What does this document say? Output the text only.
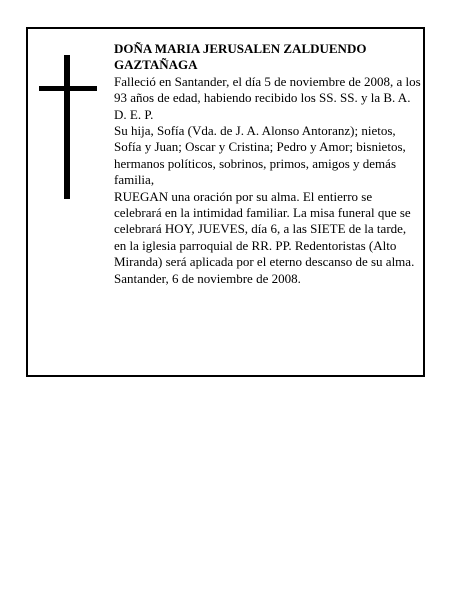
DOÑA MARIA JERUSALEN ZALDUENDO GAZTAÑAGA

Falleció en Santander, el día 5 de noviembre de 2008, a los 93 años de edad, habiendo recibido los SS. SS. y la B. A.

D. E. P.

Su hija, Sofía (Vda. de J. A. Alonso Antoranz); nietos, Sofía y Juan; Oscar y Cristina; Pedro y Amor; bisnietos, hermanos políticos, sobrinos, primos, amigos y demás familia,

RUEGAN una oración por su alma. El entierro se celebrará en la intimidad familiar. La misa funeral que se celebrará HOY, JUEVES, día 6, a las SIETE de la tarde, en la iglesia parroquial de RR. PP. Redentoristas (Alto Miranda) será aplicada por el eterno descanso de su alma.

Santander, 6 de noviembre de 2008.
